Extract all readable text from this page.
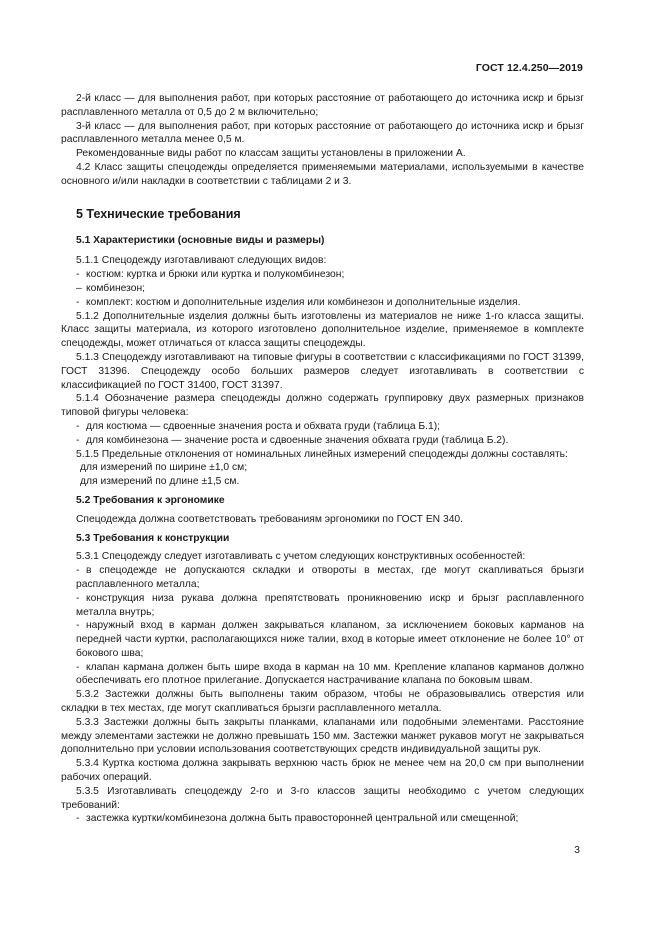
ГОСТ 12.4.250—2019

2-й класс — для выполнения работ, при которых расстояние от работающего до источника искр и брызг расплавленного металла от 0,5 до 2 м включительно;

3-й класс — для выполнения работ, при которых расстояние от работающего до источника искр и брызг расплавленного металла менее 0,5 м.

Рекомендованные виды работ по классам защиты установлены в приложении А.

4.2 Класс защиты спецодежды определяется применяемыми материалами, используемыми в качестве основного и/или накладки в соответствии с таблицами 2 и 3.

5 Технические требования
5.1 Характеристики (основные виды и размеры)

5.1.1 Спецодежду изготавливают следующих видов:

- костюм: куртка и брюки или куртка и полукомбинезон;

– комбинезон;

- комплект: костюм и дополнительные изделия или комбинезон и дополнительные изделия.

5.1.2 Дополнительные изделия должны быть изготовлены из материалов не ниже 1-го класса защиты. Класс защиты материала, из которого изготовлено дополнительное изделие, применяемое в комплекте спецодежды, может отличаться от класса защиты спецодежды.

5.1.3 Спецодежду изготавливают на типовые фигуры в соответствии с классификациями по ГОСТ 31399, ГОСТ 31396. Спецодежду особо больших размеров следует изготавливать в соответствии с классификацией по ГОСТ 31400, ГОСТ 31397.

5.1.4 Обозначение размера спецодежды должно содержать группировку двух размерных признаков типовой фигуры человека:

- для костюма — сдвоенные значения роста и обхвата груди (таблица Б.1);

- для комбинезона — значение роста и сдвоенные значения обхвата груди (таблица Б.2).

5.1.5 Предельные отклонения от номинальных линейных измерений спецодежды должны составлять:

для измерений по ширине ±1,0 см;

для измерений по длине ±1,5 см.

5.2 Требования к эргономике

Спецодежда должна соответствовать требованиям эргономики по ГОСТ EN 340.

5.3 Требования к конструкции

5.3.1 Спецодежду следует изготавливать с учетом следующих конструктивных особенностей:

- в спецодежде не допускаются складки и отвороты в местах, где могут скапливаться брызги расплавленного металла;

- конструкция низа рукава должна препятствовать проникновению искр и брызг расплавленного металла внутрь;

- наружный вход в карман должен закрываться клапаном, за исключением боковых карманов на передней части куртки, располагающихся ниже талии, вход в которые имеет отклонение не более 10° от бокового шва;

- клапан кармана должен быть шире входа в карман на 10 мм. Крепление клапанов карманов должно обеспечивать его плотное прилегание. Допускается настрачивание клапана по боковым швам.

5.3.2 Застежки должны быть выполнены таким образом, чтобы не образовывались отверстия или складки в тех местах, где могут скапливаться брызги расплавленного металла.

5.3.3 Застежки должны быть закрыты планками, клапанами или подобными элементами. Расстояние между элементами застежки не должно превышать 150 мм. Застежки манжет рукавов могут не закрываться дополнительно при условии использования соответствующих средств индивидуальной защиты рук.

5.3.4 Куртка костюма должна закрывать верхнюю часть брюк не менее чем на 20,0 см при выполнении рабочих операций.

5.3.5 Изготавливать спецодежду 2-го и 3-го классов защиты необходимо с учетом следующих требований:

- застежка куртки/комбинезона должна быть правосторонней центральной или смещенной;

3
